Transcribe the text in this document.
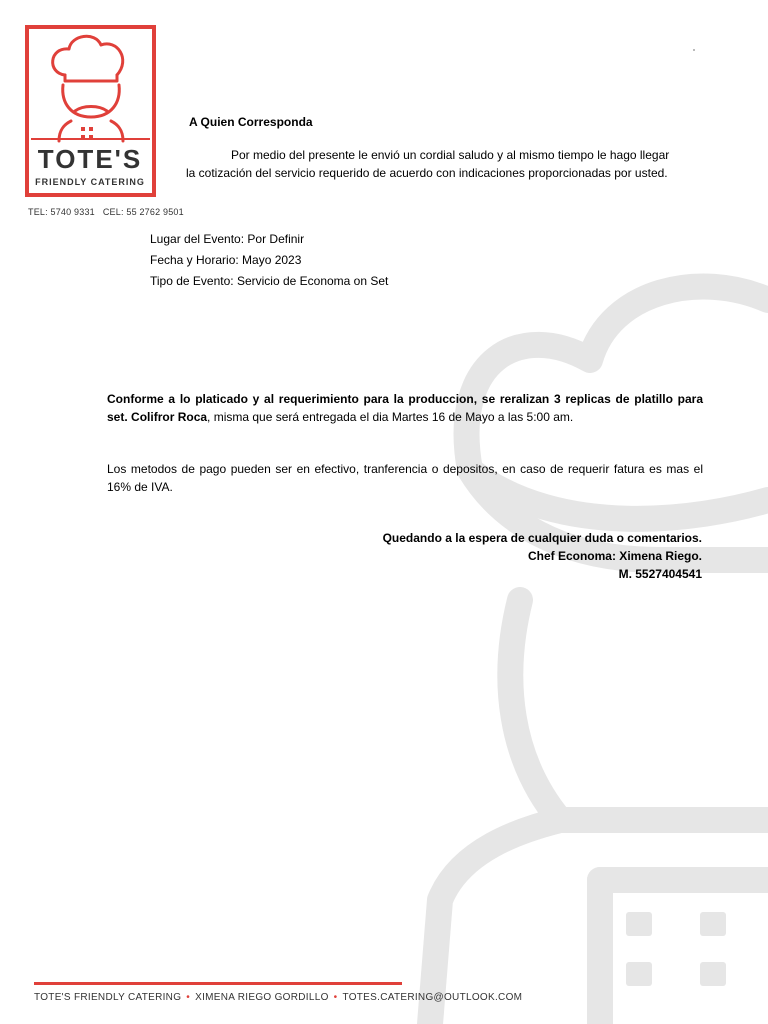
TOTE'S
FRIENDLY CATERING
TEL: 5740 9331 CEL: 55 2762 9501
A Quien Corresponda
Por medio del presente le envió un cordial saludo y al mismo tiempo le hago llegar
la cotización del servicio requerido de acuerdo con indicaciones proporcionadas por usted.
Lugar del Evento: Por Definir
Fecha y Horario: Mayo 2023
Tipo de Evento: Servicio de Economa on Set
Conforme a lo platicado y al requerimiento para la produccion, se reralizan 3 replicas de platillo para set. Colifror Roca, misma que será entregada el dia Martes 16 de Mayo a las 5:00 am.
Los metodos de pago pueden ser en efectivo, tranferencia o depositos, en caso de requerir fatura es mas el 16% de IVA.
Quedando a la espera de cualquier duda o comentarios.
Chef Economa: Ximena Riego.
M. 5527404541
TOTE'S FRIENDLY CATERING • XIMENA RIEGO GORDILLO • TOTES.CATERING@OUTLOOK.COM
